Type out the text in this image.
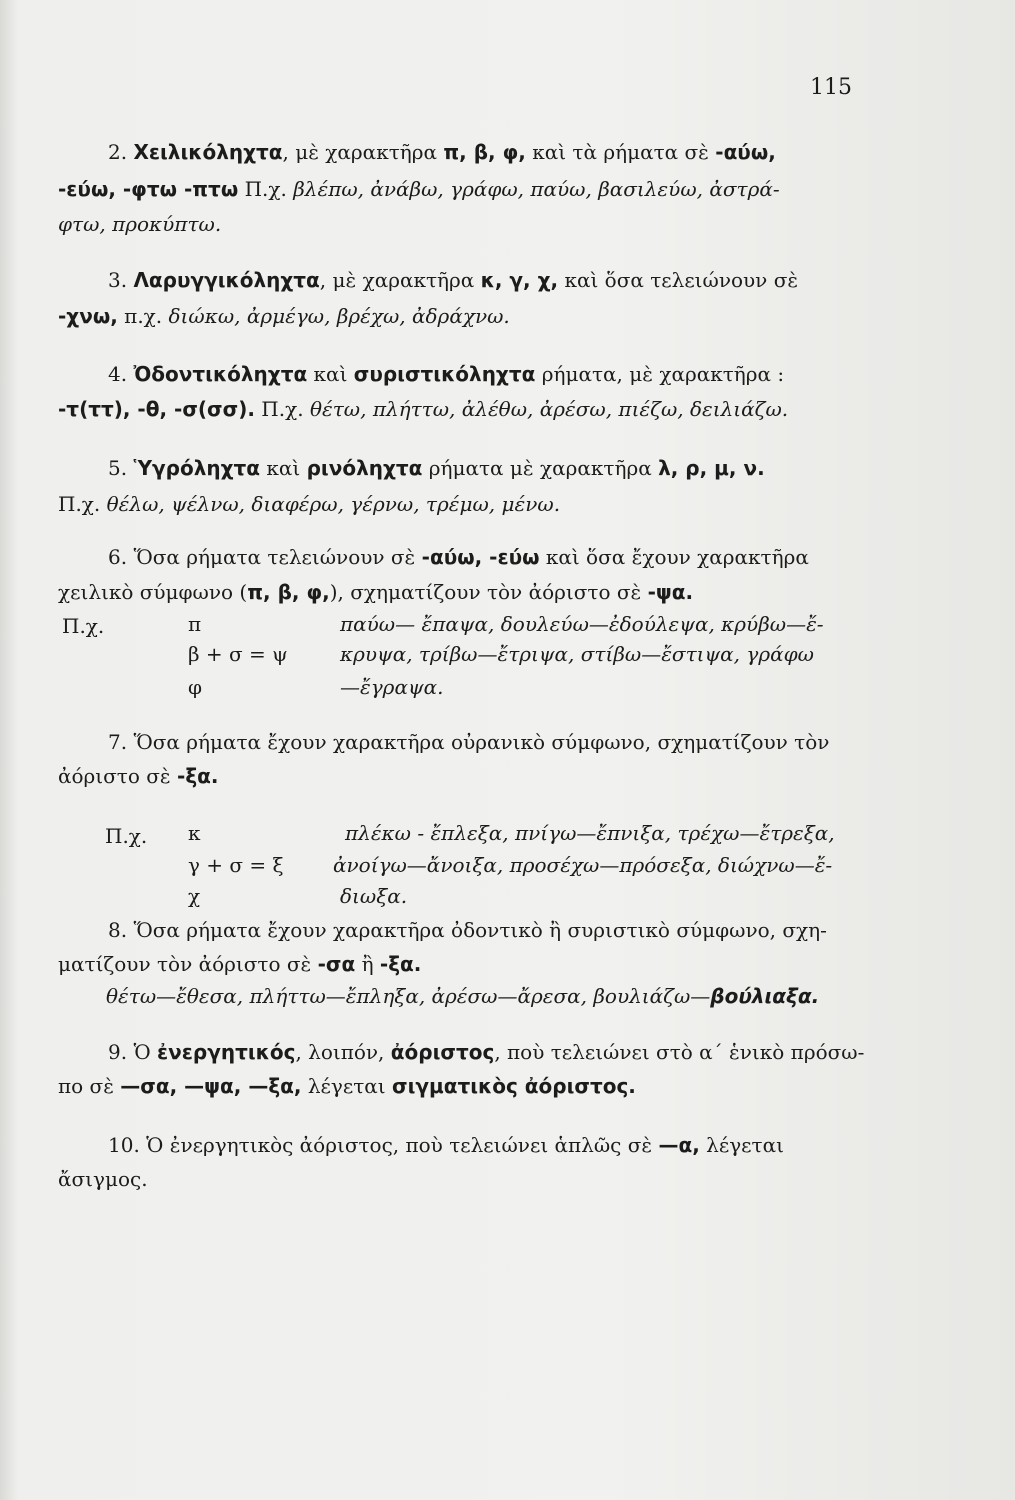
115
2. Χειλικόληχτα, μὲ χαρακτῆρα π, β, φ, καὶ τὰ ρήματα σὲ -αύω,
-εύω, -φτω -πτω Π.χ. βλέπω, ἀνάβω, γράφω, παύω, βασιλεύω, ἀστρά-
φτω, προκύπτω.
3. Λαρυγγικόληχτα, μὲ χαρακτῆρα κ, γ, χ, καὶ ὅσα τελειώνουν σὲ
-χνω, π.χ. διώκω, ἀρμέγω, βρέχω, ἀδράχνω.
4. Ὀδοντικόληχτα καὶ συριστικόληχτα ρήματα, μὲ χαρακτῆρα :
-τ(ττ), -θ, -σ(σσ). Π.χ. θέτω, πλήττω, ἀλέθω, ἀρέσω, πιέζω, δειλιάζω.
5. Ὑγρόληχτα καὶ ρινόληχτα ρήματα μὲ χαρακτῆρα λ, ρ, μ, ν.
Π.χ. θέλω, ψέλνω, διαφέρω, γέρνω, τρέμω, μένω.
6. Ὅσα ρήματα τελειώνουν σὲ -αύω, -εύω καὶ ὅσα ἔχουν χαρακτῆρα
χειλικὸ σύμφωνο (π, β, φ,), σχηματίζουν τὸν ἀόριστο σὲ -ψα.
Π.χ.	π
β + σ = ψ
φ
παύω— ἔπαψα, δουλεύω—ἐδούλεψα, κρύβω—ἔ-
κρυψα, τρίβω—ἔτριψα, στίβω—ἔστιψα, γράφω
—ἔγραψα.
7. Ὅσα ρήματα ἔχουν χαρακτῆρα οὐρανικὸ σύμφωνο, σχηματίζουν τὸν
ἀόριστο σὲ -ξα.
Π.χ. κ
γ + σ = ξ
χ
πλέκω - ἔπλεξα, πνίγω—ἔπνιξα, τρέχω—ἔτρεξα,
ἀνοίγω—ἄνοιξα, προσέχω—πρόσεξα, διώχνω—ἔ-
διωξα.
8. Ὅσα ρήματα ἔχουν χαρακτῆρα ὀδοντικὸ ἢ συριστικὸ σύμφωνο, σχη-
ματίζουν τὸν ἀόριστο σὲ -σα ἢ -ξα.
θέτω—ἔθεσα, πλήττω—ἔπληξα, ἀρέσω—ἄρεσα, βουλιάζω—βούλιαξα.
9. Ὁ ἐνεργητικός, λοιπόν, ἀόριστος, ποὺ τελειώνει στὸ α΄ ἑνικὸ πρόσω-
πο σὲ —σα, —ψα, —ξα, λέγεται σιγματικὸς ἀόριστος.
10. Ὁ ἐνεργητικὸς ἀόριστος, ποὺ τελειώνει ἁπλῶς σὲ —α, λέγεται
ἄσιγμος.
